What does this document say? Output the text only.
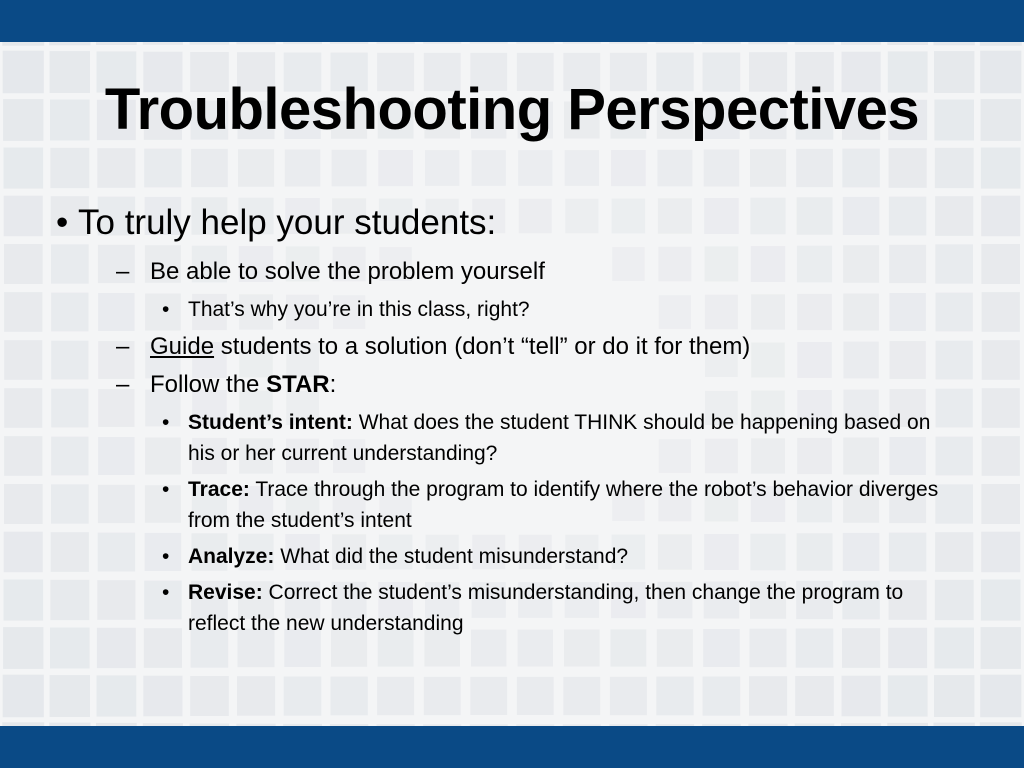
Troubleshooting Perspectives

• To truly help your students:

– Be able to solve the problem yourself

• That’s why you’re in this class, right?

– Guide students to a solution (don’t “tell” or do it for them)

– Follow the STAR:

• Student’s intent: What does the student THINK should be happening based on his or her current understanding?

• Trace: Trace through the program to identify where the robot’s behavior diverges from the student’s intent

• Analyze: What did the student misunderstand?

• Revise: Correct the student’s misunderstanding, then change the program to reflect the new understanding
